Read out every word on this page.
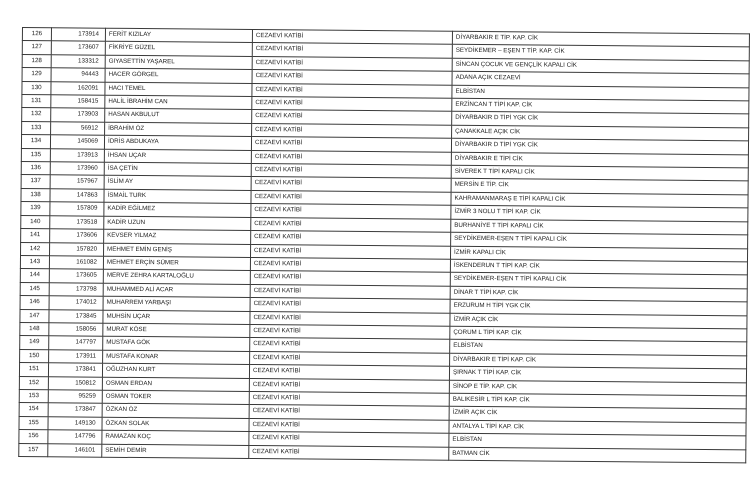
126	173914	FERİT KIZILAY	CEZAEVİ KATİBİ	DİYARBAKIR E TİP. KAP. CİK
127	173607	FİKRİYE GÜZEL	CEZAEVİ KATİBİ	SEYDİKEMER – EŞEN T TİP. KAP. CİK
128	133312	GIYASETTİN YAŞAREL	CEZAEVİ KATİBİ	SİNCAN ÇOCUK VE GENÇLİK KAPALI CİK
129	94443	HACER GÖRGEL	CEZAEVİ KATİBİ	ADANA AÇIK CEZAEVİ
130	162091	HACI TEMEL	CEZAEVİ KATİBİ	ELBİSTAN
131	158415	HALİL İBRAHİM CAN	CEZAEVİ KATİBİ	ERZİNCAN T TİPİ KAP. CİK
132	173903	HASAN AKBULUT	CEZAEVİ KATİBİ	DİYARBAKIR D TİPİ YGK CİK
133	56912	İBRAHİM ÖZ	CEZAEVİ KATİBİ	ÇANAKKALE AÇIK CİK
134	145069	İDRİS ABDUKAYA	CEZAEVİ KATİBİ	DİYARBAKIR D TİPİ YGK CİK
135	173913	İHSAN UÇAR	CEZAEVİ KATİBİ	DİYARBAKIR E TİPİ CİK
136	173960	İSA ÇETİN	CEZAEVİ KATİBİ	SİVEREK T TİPİ KAPALI CİK
137	157967	İSLİM AY	CEZAEVİ KATİBİ	MERSİN E TİP. CİK
138	147863	İSMAİL TURK	CEZAEVİ KATİBİ	KAHRAMANMARAŞ E TİPİ KAPALI CİK
139	157809	KADİR EĞİLMEZ	CEZAEVİ KATİBİ	İZMİR 3 NOLU T TİPİ KAP. CİK
140	173518	KADİR UZUN	CEZAEVİ KATİBİ	BURHANİYE T TİPİ KAPALI CİK
141	173606	KEVSER YILMAZ	CEZAEVİ KATİBİ	SEYDİKEMER-EŞEN T TİPİ KAPALI CİK
142	157820	MEHMET EMİN GENİŞ	CEZAEVİ KATİBİ	İZMİR KAPALI CİK
143	161082	MEHMET ERÇİN SÜMER	CEZAEVİ KATİBİ	İSKENDERUN T TİPİ KAP. CİK
144	173605	MERVE ZEHRA KARTALOĞLU	CEZAEVİ KATİBİ	SEYDİKEMER-EŞEN T TİPİ KAPALI CİK
145	173798	MUHAMMED ALİ ACAR	CEZAEVİ KATİBİ	DİNAR T TİPİ KAP. CİK
146	174012	MUHARREM YARBAŞI	CEZAEVİ KATİBİ	ERZURUM H TİPİ YGK CİK
147	173845	MUHSİN UÇAR	CEZAEVİ KATİBİ	İZMİR AÇIK CİK
148	158056	MURAT KÖSE	CEZAEVİ KATİBİ	ÇORUM L TİPİ KAP. CİK
149	147797	MUSTAFA GÖK	CEZAEVİ KATİBİ	ELBİSTAN
150	173911	MUSTAFA KONAR	CEZAEVİ KATİBİ	DİYARBAKIR E TİPİ KAP. CİK
151	173841	OĞUZHAN KURT	CEZAEVİ KATİBİ	ŞIRNAK T TİPİ KAP. CİK
152	150812	OSMAN ERDAN	CEZAEVİ KATİBİ	SİNOP E TİP. KAP. CİK
153	95259	OSMAN TOKER	CEZAEVİ KATİBİ	BALIKESİR L TİPİ KAP. CİK
154	173847	ÖZKAN ÖZ	CEZAEVİ KATİBİ	İZMİR AÇIK CİK
155	149130	ÖZKAN SOLAK	CEZAEVİ KATİBİ	ANTALYA L TİPİ KAP. CİK
156	147796	RAMAZAN KOÇ	CEZAEVİ KATİBİ	ELBİSTAN
157	146101	SEMİH DEMİR	CEZAEVİ KATİBİ	BATMAN CİK
